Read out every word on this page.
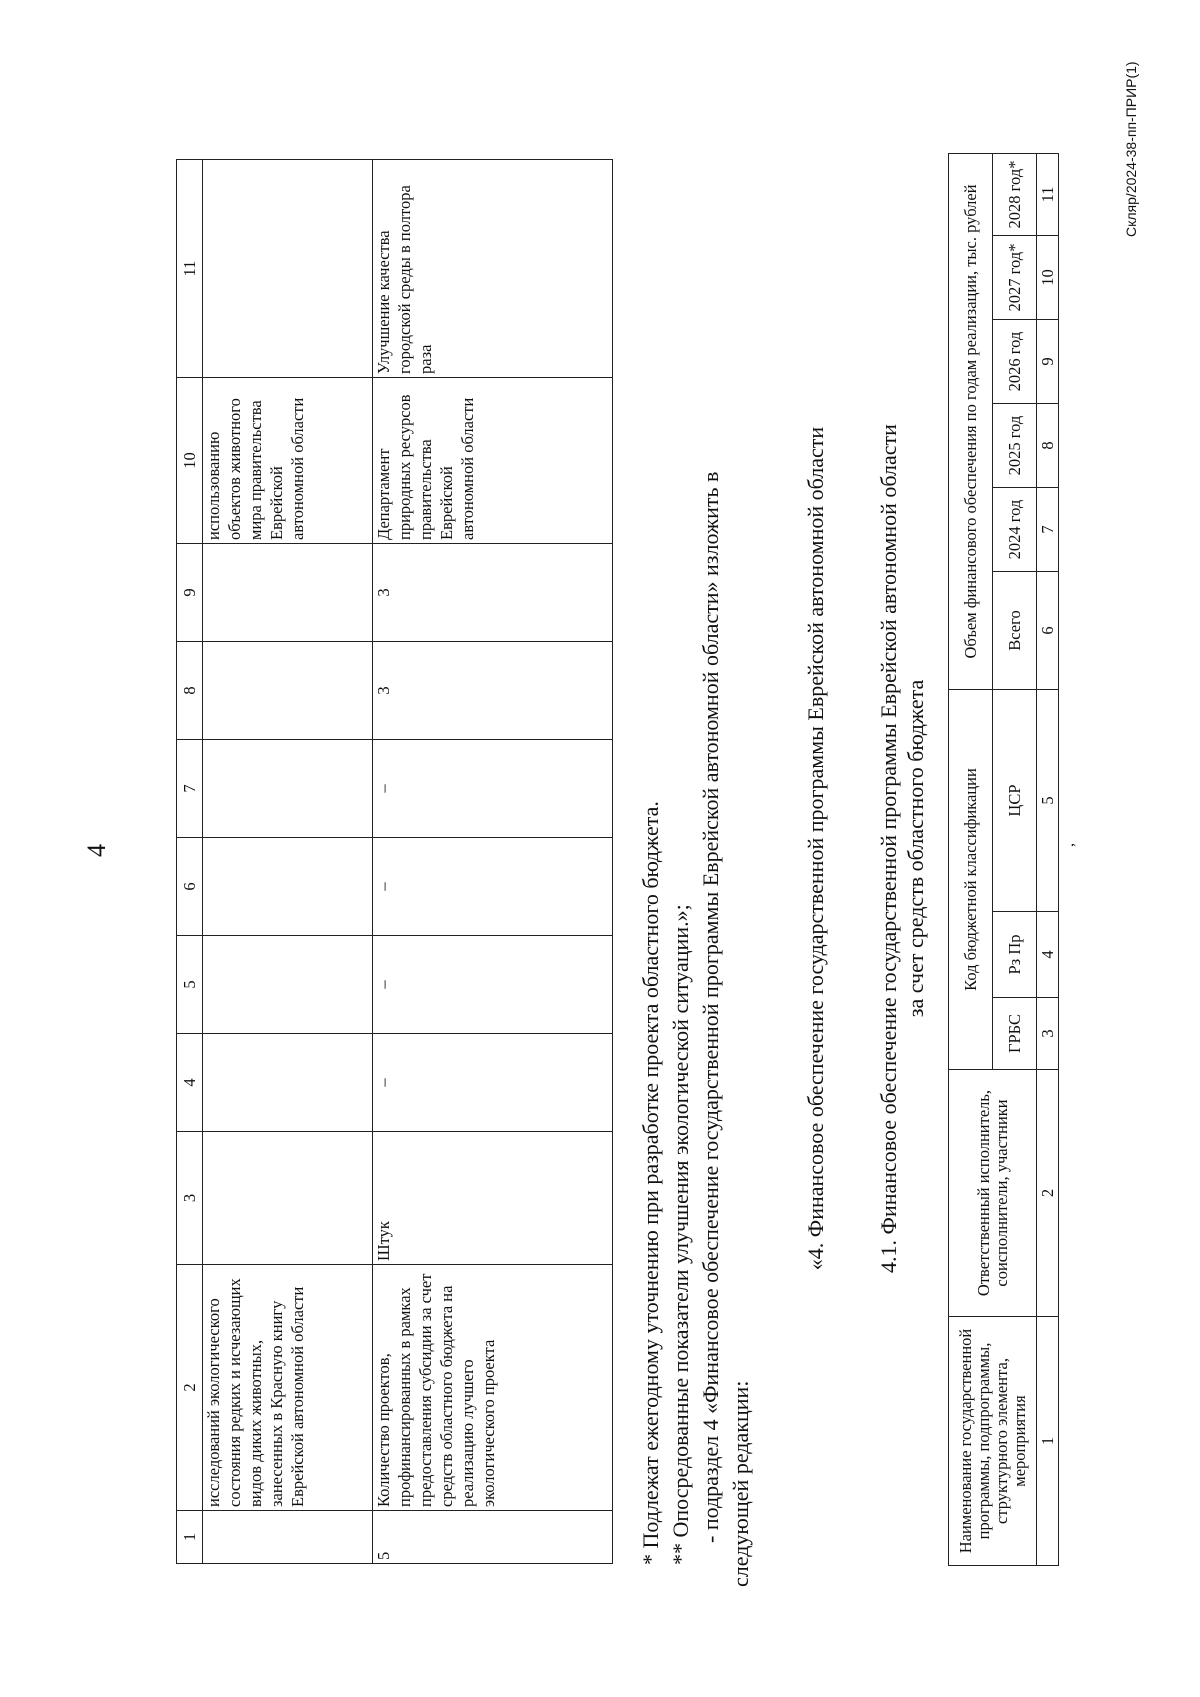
4
1	2	3	4	5	6	7	8	9	10	11
	исследований экологического состояния редких и исчезающих видов диких животных, занесенных в Красную книгу Еврейской автономной области								использованию объектов животного мира правительства Еврейской автономной области	
5	Количество проектов, профинансированных в рамках предоставления субсидии за счет средств областного бюджета на реализацию лучшего экологического проекта	Штук	–	–	–	–	3	3	Департамент природных ресурсов правительства Еврейской автономной области	Улучшение качества городской среды в полтора раза

* Подлежат ежегодному уточнению при разработке проекта областного бюджета. ** Опосредованные показатели улучшения экологической ситуации.»; - подраздел 4 «Финансовое обеспечение государственной программы Еврейской автономной области» изложить в следующей редакции:

«4. Финансовое обеспечение государственной программы Еврейской автономной области 4.1. Финансовое обеспечение государственной программы Еврейской автономной области за счет средств областного бюджета
Наименование государственной программы, подпрограммы, структурного элемента, мероприятия	Ответственный исполнитель, соисполнители, участники	Код бюджетной классификации			Объем финансового обеспечения по годам реализации, тыс. рублей					
		ГРБС	Рз Пр	ЦСР	Всего	2024 год	2025 год	2026 год	2027 год*	2028 год*
1	2	3	4	5	6	7	8	9	10	11
,
Скляр/2024-38-пп-ПРИР(1)
